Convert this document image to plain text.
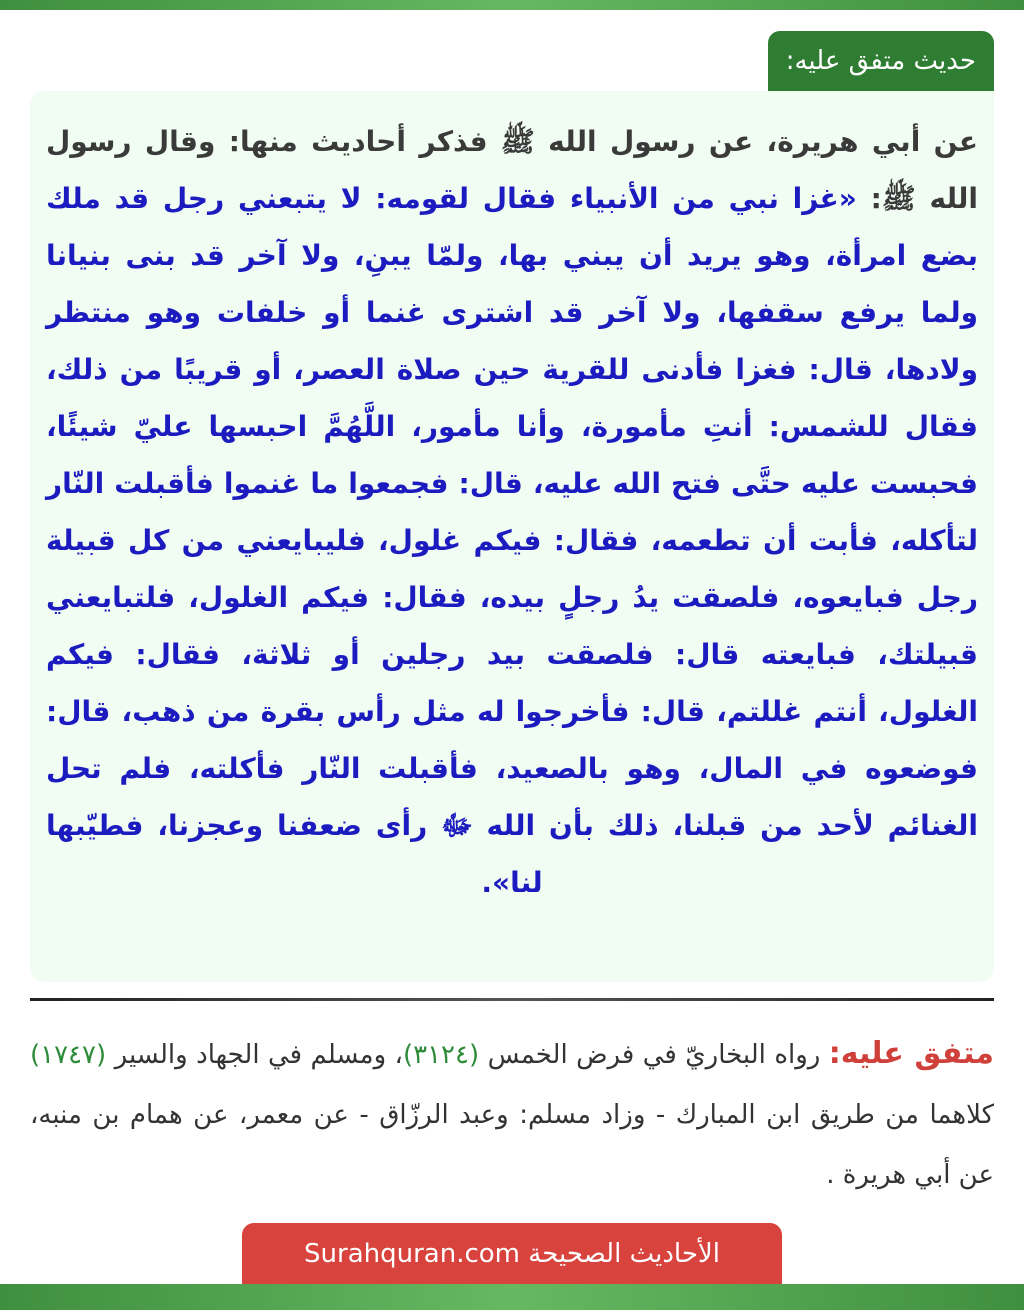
حديث متفق عليه:

عن أبي هريرة، عن رسول الله ﷺ فذكر أحاديث منها: وقال رسول الله ﷺ: «غزا نبي من الأنبياء فقال لقومه: لا يتبعني رجل قد ملك بضع امرأة، وهو يريد أن يبني بها، ولمّا يبنِ، ولا آخر قد بنى بنيانا ولما يرفع سقفها، ولا آخر قد اشترى غنما أو خلفات وهو منتظر ولادها، قال: فغزا فأدنى للقرية حين صلاة العصر، أو قريبًا من ذلك، فقال للشمس: أنتِ مأمورة، وأنا مأمور، اللَّهُمَّ احبسها عليّ شيئًا، فحبست عليه حتَّى فتح الله عليه، قال: فجمعوا ما غنموا فأقبلت النّار لتأكله، فأبت أن تطعمه، فقال: فيكم غلول، فليبايعني من كل قبيلة رجل فبايعوه، فلصقت يدُ رجلٍ بيده، فقال: فيكم الغلول، فلتبايعني قبيلتك، فبايعته قال: فلصقت بيد رجلين أو ثلاثة، فقال: فيكم الغلول، أنتم غللتم، قال: فأخرجوا له مثل رأس بقرة من ذهب، قال: فوضعوه في المال، وهو بالصعيد، فأقبلت النّار فأكلته، فلم تحل الغنائم لأحد من قبلنا، ذلك بأن الله ﷻ رأى ضعفنا وعجزنا، فطيّبها لنا».

متفق عليه: رواه البخاريّ في فرض الخمس (٣١٢٤)، ومسلم في الجهاد والسير (١٧٤٧) كلاهما من طريق ابن المبارك - وزاد مسلم: وعبد الرزّاق - عن معمر، عن همام بن منبه، عن أبي هريرة .

الأحاديث الصحيحة Surahquran.com
